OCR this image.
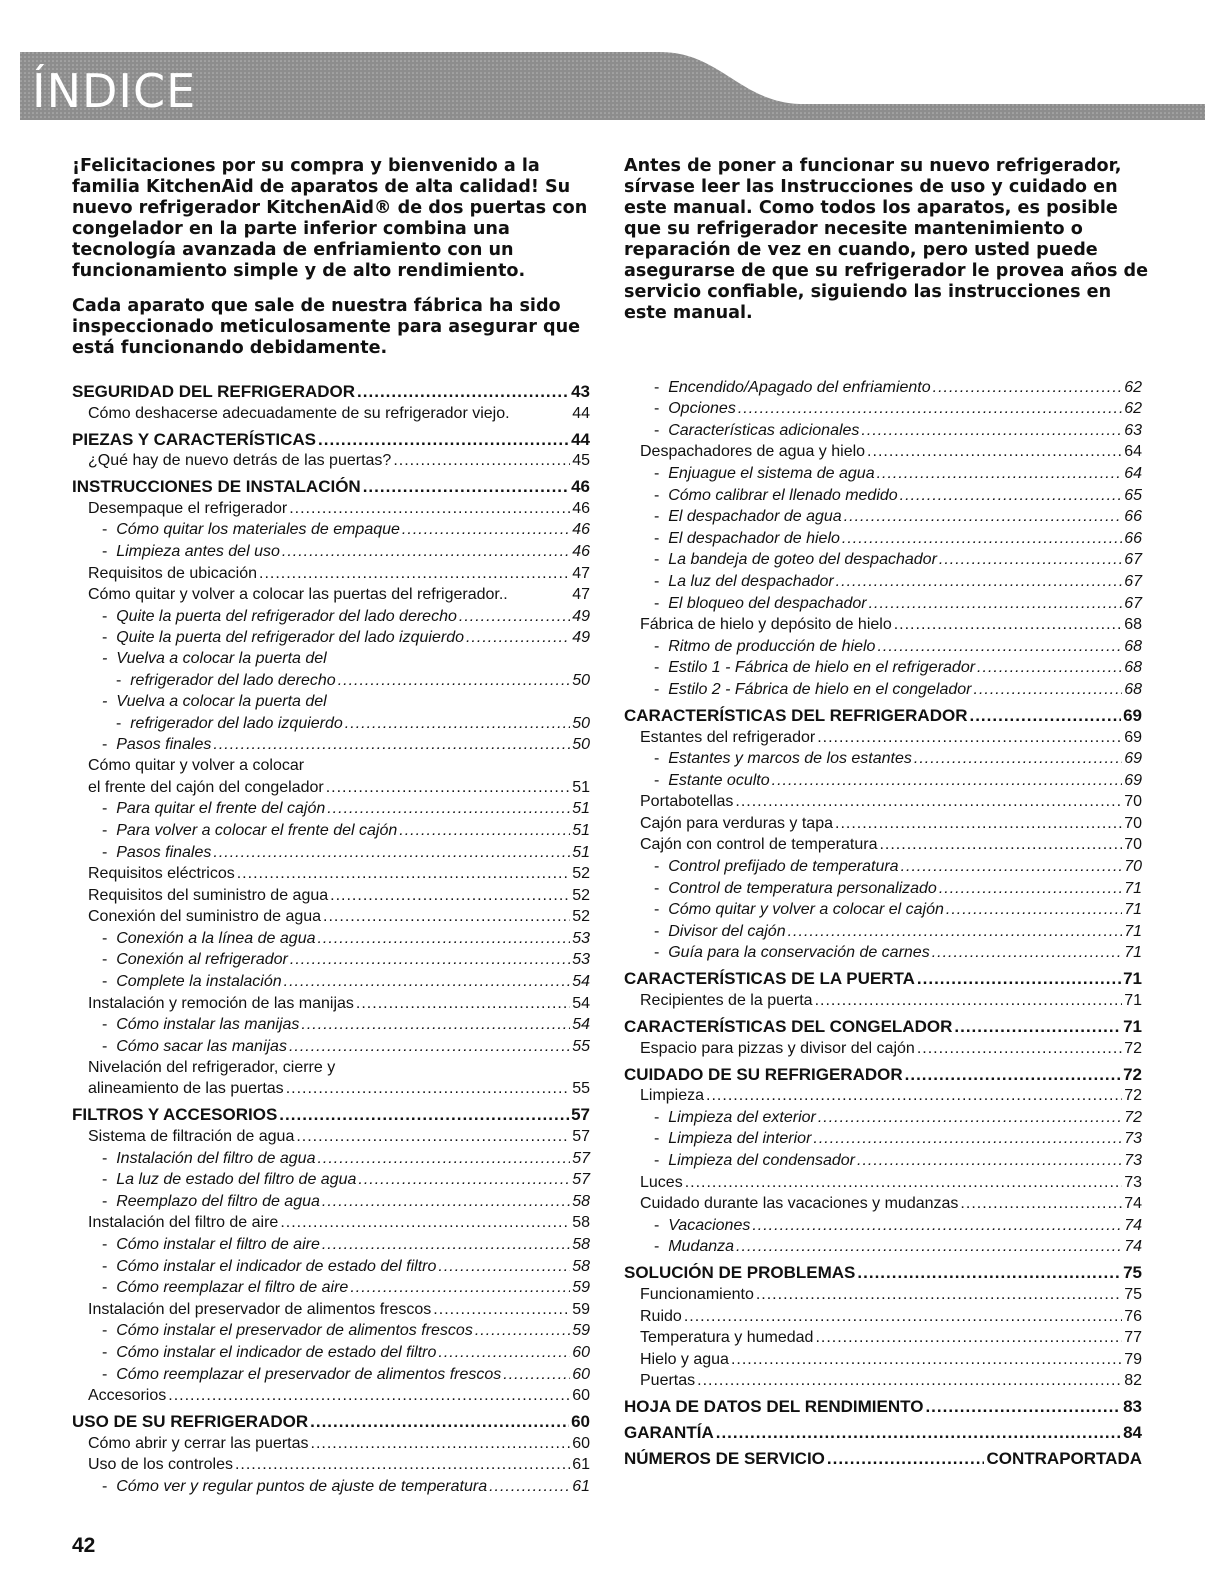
ÍNDICE

¡Felicitaciones por su compra y bienvenido a la familia KitchenAid de aparatos de alta calidad! Su nuevo refrigerador KitchenAid® de dos puertas con congelador en la parte inferior combina una tecnología avanzada de enfriamiento con un funcionamiento simple y de alto rendimiento.

Cada aparato que sale de nuestra fábrica ha sido inspeccionado meticulosamente para asegurar que está funcionando debidamente.

Antes de poner a funcionar su nuevo refrigerador, sírvase leer las Instrucciones de uso y cuidado en este manual. Como todos los aparatos, es posible que su refrigerador necesite mantenimiento o reparación de vez en cuando, pero usted puede asegurarse de que su refrigerador le provea años de servicio confiable, siguiendo las instrucciones en este manual.

SEGURIDAD DEL REFRIGERADOR .....	43
Cómo deshacerse adecuadamente de su refrigerador viejo.	44
PIEZAS Y CARACTERÍSTICAS .....	44
¿Qué hay de nuevo detrás de las puertas? .....	45
INSTRUCCIONES DE INSTALACIÓN .....	46
Desempaque el refrigerador .....	46
- Cómo quitar los materiales de empaque .....	46
- Limpieza antes del uso .....	46
Requisitos de ubicación .....	47
Cómo quitar y volver a colocar las puertas del refrigerador..	47
- Quite la puerta del refrigerador del lado derecho .....	49
- Quite la puerta del refrigerador del lado izquierdo .....	49
-  Vuelva a colocar la puerta del
- refrigerador del lado derecho .....	50
-  Vuelva a colocar la puerta del
- refrigerador del lado izquierdo .....	50
- Pasos finales .....	50
Cómo quitar y volver a colocar
el frente del cajón del congelador .....	51
- Para quitar el frente del cajón .....	51
- Para volver a colocar el frente del cajón .....	51
- Pasos finales .....	51
Requisitos eléctricos .....	52
Requisitos del suministro de agua .....	52
Conexión del suministro de agua .....	52
- Conexión a la línea de agua .....	53
- Conexión al refrigerador .....	53
- Complete la instalación .....	54
Instalación y remoción de las manijas .....	54
- Cómo instalar las manijas .....	54
- Cómo sacar las manijas .....	55
Nivelación del refrigerador, cierre y
alineamiento de las puertas .....	55
FILTROS Y ACCESORIOS .....	57
Sistema de filtración de agua .....	57
- Instalación del filtro de agua .....	57
- La luz de estado del filtro de agua .....	57
- Reemplazo del filtro de agua .....	58
Instalación del filtro de aire .....	58
- Cómo instalar el filtro de aire .....	58
- Cómo instalar el indicador de estado del filtro .....	58
- Cómo reemplazar el filtro de aire .....	59
Instalación del preservador de alimentos frescos .....	59
- Cómo instalar el preservador de alimentos frescos .....	59
- Cómo instalar el indicador de estado del filtro .....	60
- Cómo reemplazar el preservador de alimentos frescos .....	60
Accesorios .....	60
USO DE SU REFRIGERADOR .....	60
Cómo abrir y cerrar las puertas .....	60
Uso de los controles .....	61
- Cómo ver y regular puntos de ajuste de temperatura .....	61
- Encendido/Apagado del enfriamiento .....	62
- Opciones .....	62
- Características adicionales .....	63
Despachadores de agua y hielo .....	64
- Enjuague el sistema de agua .....	64
- Cómo calibrar el llenado medido .....	65
- El despachador de agua .....	66
- El despachador de hielo .....	66
- La bandeja de goteo del despachador .....	67
- La luz del despachador .....	67
- El bloqueo del despachador .....	67
Fábrica de hielo y depósito de hielo .....	68
- Ritmo de producción de hielo .....	68
- Estilo 1 - Fábrica de hielo en el refrigerador .....	68
- Estilo 2 - Fábrica de hielo en el congelador .....	68
CARACTERÍSTICAS DEL REFRIGERADOR .....	69
Estantes del refrigerador .....	69
- Estantes y marcos de los estantes .....	69
- Estante oculto .....	69
Portabotellas .....	70
Cajón para verduras y tapa .....	70
Cajón con control de temperatura .....	70
- Control prefijado de temperatura .....	70
- Control de temperatura personalizado .....	71
- Cómo quitar y volver a colocar el cajón .....	71
- Divisor del cajón .....	71
- Guía para la conservación de carnes .....	71
CARACTERÍSTICAS DE LA PUERTA .....	71
Recipientes de la puerta .....	71
CARACTERÍSTICAS DEL CONGELADOR .....	71
Espacio para pizzas y divisor del cajón .....	72
CUIDADO DE SU REFRIGERADOR .....	72
Limpieza .....	72
- Limpieza del exterior .....	72
- Limpieza del interior .....	73
- Limpieza del condensador .....	73
Luces .....	73
Cuidado durante las vacaciones y mudanzas .....	74
- Vacaciones .....	74
- Mudanza .....	74
SOLUCIÓN DE PROBLEMAS .....	75
Funcionamiento .....	75
Ruido .....	76
Temperatura y humedad .....	77
Hielo y agua .....	79
Puertas .....	82
HOJA DE DATOS DEL RENDIMIENTO .....	83
GARANTÍA .....	84
NÚMEROS DE SERVICIO .....	CONTRAPORTADA
42
